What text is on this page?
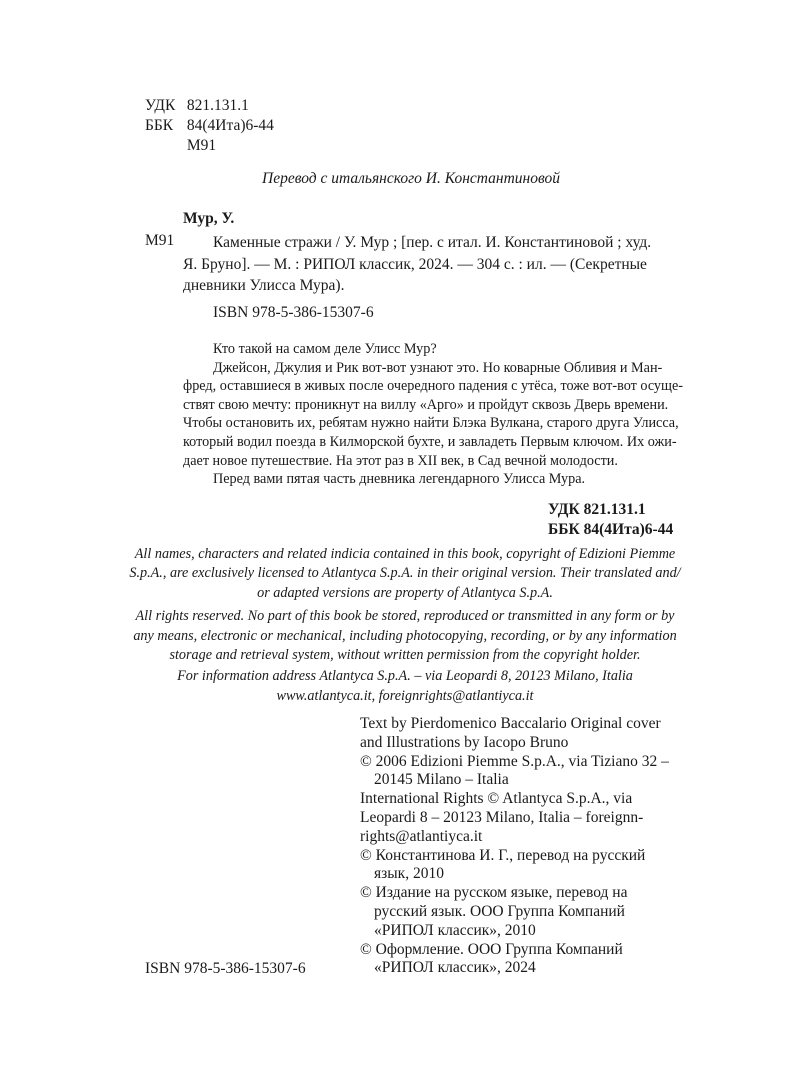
УДК 821.131.1
ББК 84(4Ита)6-44
М91
Перевод с итальянского И. Константиновой
Мур, У.
М91	Каменные стражи / У. Мур ; [пер. с итал. И. Константиновой ; худ.
Я. Бруно]. — М. : РИПОЛ классик, 2024. — 304 с. : ил. — (Секретные
дневники Улисса Мура).
ISBN 978-5-386-15307-6
Кто такой на самом деле Улисс Мур?
Джейсон, Джулия и Рик вот-вот узнают это. Но коварные Обливия и Ман-
фред, оставшиеся в живых после очередного падения с утёса, тоже вот-вот осуще-
ствят свою мечту: проникнут на виллу «Арго» и пройдут сквозь Дверь времени.
Чтобы остановить их, ребятам нужно найти Блэка Вулкана, старого друга Улисса,
который водил поезда в Килморской бухте, и завладеть Первым ключом. Их ожи-
дает новое путешествие. На этот раз в XII век, в Сад вечной молодости.
Перед вами пятая часть дневника легендарного Улисса Мура.
УДК 821.131.1
ББК 84(4Ита)6-44
All names, characters and related indicia contained in this book, copyright of Edizioni Piemme
S.p.A., are exclusively licensed to Atlantyca S.p.A. in their original version. Their translated and/
or adapted versions are property of Atlantyca S.p.A.
All rights reserved. No part of this book be stored, reproduced or transmitted in any form or by
any means, electronic or mechanical, including photocopying, recording, or by any information
storage and retrieval system, without written permission from the copyright holder.
For information address Atlantyca S.p.A. – via Leopardi 8, 20123 Milano, Italia
www.atlantyca.it, foreignrights@atlantiyca.it
Text by Pierdomenico Baccalario Original cover
and Illustrations by Iacopo Bruno
© 2006 Edizioni Piemme S.p.A., via Tiziano 32 –
20145 Milano – Italia
International Rights © Atlantyca S.p.A., via
Leopardi 8 – 20123 Milano, Italia – foreignn-
rights@atlantiyca.it
© Константинова И. Г., перевод на русский
язык, 2010
© Издание на русском языке, перевод на
русский язык. ООО Группа Компаний
«РИПОЛ классик», 2010
© Оформление. ООО Группа Компаний
«РИПОЛ классик», 2024
ISBN 978-5-386-15307-6
